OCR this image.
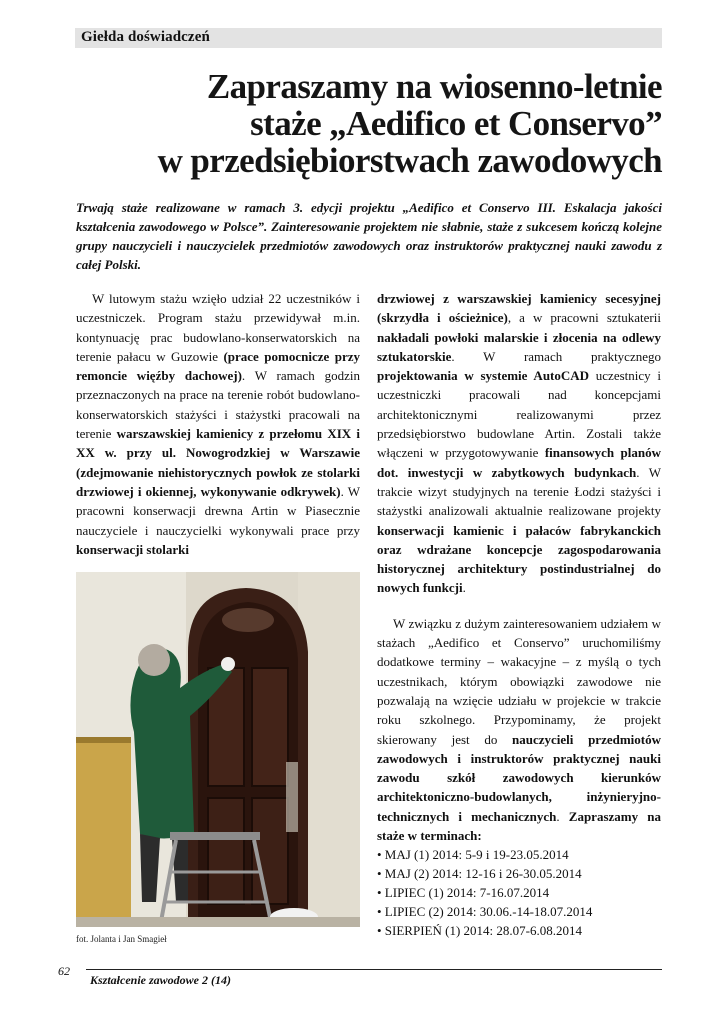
Giełda doświadczeń
Zapraszamy na wiosenno-letnie
staże „Aedifico et Conservo”
w przedsiębiorstwach zawodowych
Trwają staże realizowane w ramach 3. edycji projektu „Aedifico et Conservo III. Eskalacja jakości kształcenia zawodowego w Polsce”. Zainteresowanie projektem nie słabnie, staże z sukcesem kończą kolejne grupy nauczycieli i nauczycielek przedmiotów zawodowych oraz instruktorów praktycznej nauki zawodu z całej Polski.

W lutowym stażu wzięło udział 22 uczestników i uczestniczek. Program stażu przewidywał m.in. kontynuację prac budowlano-konserwatorskich na terenie pałacu w Guzowie (prace pomocnicze przy remoncie więźby dachowej). W ramach godzin przeznaczonych na prace na terenie robót budowlano-konserwatorskich stażyści i stażystki pracowali na terenie warszawskiej kamienicy z przełomu XIX i XX w. przy ul. Nowogrodzkiej w Warszawie (zdejmowanie niehistorycznych powłok ze stolarki drzwiowej i okiennej, wykonywanie odkrywek). W pracowni konserwacji drewna Artin w Piasecznie nauczyciele i nauczycielki wykonywali prace przy konserwacji stolarki

fot. Jolanta i Jan Smagieł

drzwiowej z warszawskiej kamienicy secesyjnej (skrzydła i ościeżnice), a w pracowni sztukaterii nakładali powłoki malarskie i złocenia na odlewy sztukatorskie. W ramach praktycznego projektowania w systemie AutoCAD uczestnicy i uczestniczki pracowali nad koncepcjami architektonicznymi realizowanymi przez przedsiębiorstwo budowlane Artin. Zostali także włączeni w przygotowywanie finansowych planów dot. inwestycji w zabytkowych budynkach. W trakcie wizyt studyjnych na terenie Łodzi stażyści i stażystki analizowali aktualnie realizowane projekty konserwacji kamienic i pałaców fabrykanckich oraz wdrażane koncepcje zagospodarowania historycznej architektury postindustrialnej do nowych funkcji.

W związku z dużym zainteresowaniem udziałem w stażach „Aedifico et Conservo” uruchomiliśmy dodatkowe terminy – wakacyjne – z myślą o tych uczestnikach, którym obowiązki zawodowe nie pozwalają na wzięcie udziału w projekcie w trakcie roku szkolnego. Przypominamy, że projekt skierowany jest do nauczycieli przedmiotów zawodowych i instruktorów praktycznej nauki zawodu szkół zawodowych kierunków architektoniczno-budowlanych, inżynieryjno-technicznych i mechanicznych. Zapraszamy na staże w terminach:

• MAJ (1) 2014: 5-9 i 19-23.05.2014
• MAJ (2) 2014: 12-16 i 26-30.05.2014
• LIPIEC (1) 2014: 7-16.07.2014
• LIPIEC (2) 2014: 30.06.-14-18.07.2014
• SIERPIEŃ (1) 2014: 28.07-6.08.2014
62
Kształcenie zawodowe 2 (14)
